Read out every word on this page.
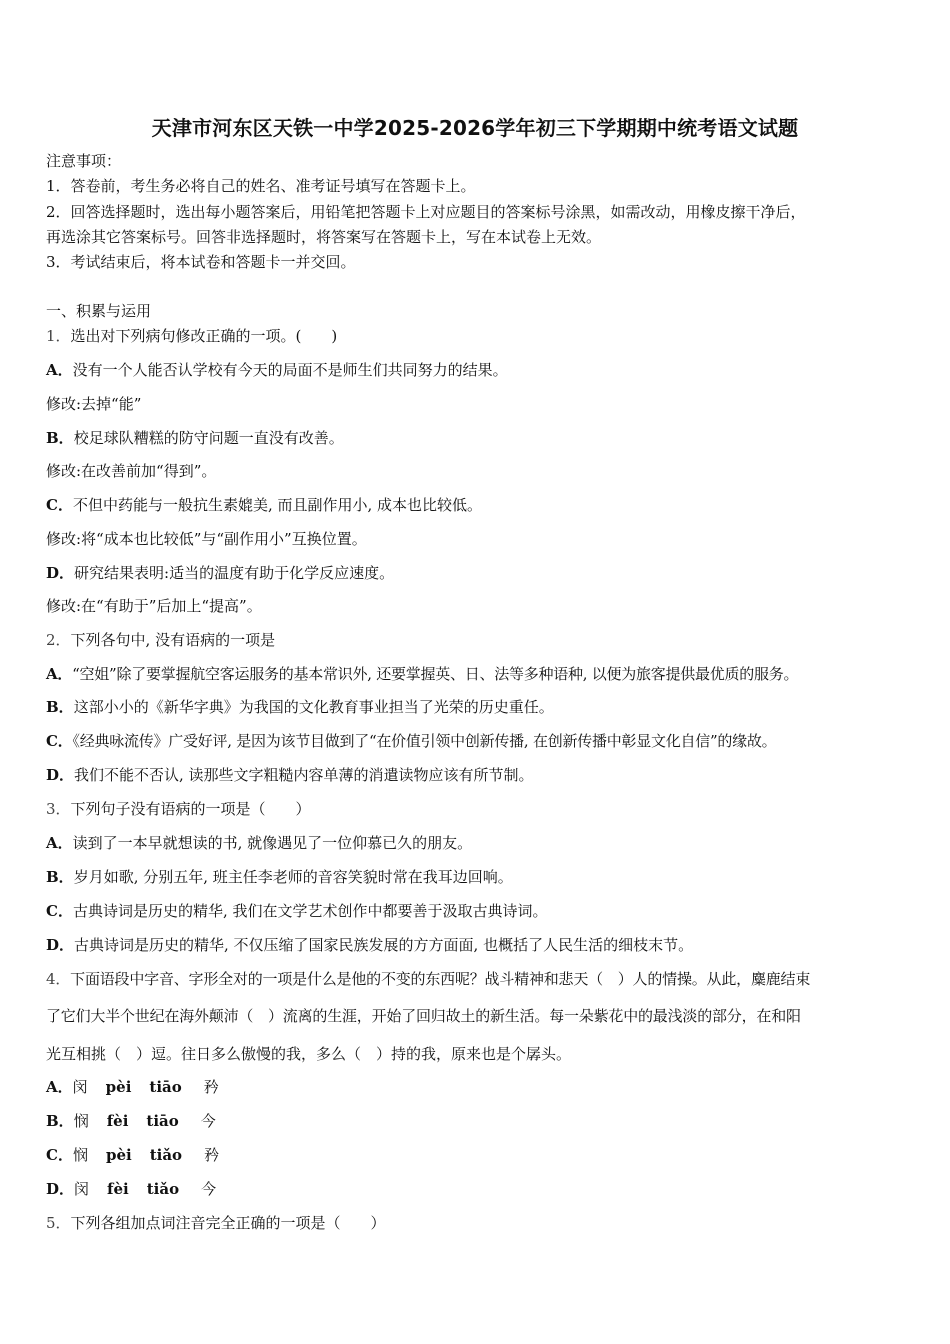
天津市河东区天铁一中学2025-2026学年初三下学期期中统考语文试题
注意事项：
1．答卷前，考生务必将自己的姓名、准考证号填写在答题卡上。
2．回答选择题时，选出每小题答案后，用铅笔把答题卡上对应题目的答案标号涂黑，如需改动，用橡皮擦干净后，
再选涂其它答案标号。回答非选择题时，将答案写在答题卡上，写在本试卷上无效。
3．考试结束后，将本试卷和答题卡一并交回。
一、积累与运用
1．选出对下列病句修改正确的一项。(　　)
A．没有一个人能否认学校有今天的局面不是师生们共同努力的结果。
修改:去掉“能”
B．校足球队糟糕的防守问题一直没有改善。
修改:在改善前加“得到”。
C．不但中药能与一般抗生素媲美, 而且副作用小, 成本也比较低。
修改:将“成本也比较低”与“副作用小”互换位置。
D．研究结果表明:适当的温度有助于化学反应速度。
修改:在“有助于”后加上“提高”。
2．下列各句中, 没有语病的一项是
A．“空姐”除了要掌握航空客运服务的基本常识外, 还要掌握英、日、法等多种语种, 以便为旅客提供最优质的服务。
B．这部小小的《新华字典》为我国的文化教育事业担当了光荣的历史重任。
C．《经典咏流传》广受好评, 是因为该节目做到了“在价值引领中创新传播, 在创新传播中彰显文化自信”的缘故。
D．我们不能不否认, 读那些文字粗糙内容单薄的消遣读物应该有所节制。
3．下列句子没有语病的一项是（　　）
A．读到了一本早就想读的书, 就像遇见了一位仰慕已久的朋友。
B．岁月如歌, 分别五年, 班主任李老师的音容笑貌时常在我耳边回响。
C．古典诗词是历史的精华, 我们在文学艺术创作中都要善于汲取古典诗词。
D．古典诗词是历史的精华, 不仅压缩了国家民族发展的方方面面, 也概括了人民生活的细枝末节。
4．下面语段中字音、字形全对的一项是什么是他的不变的东西呢？战斗精神和悲天（　）人的情操。从此，麋鹿结束
了它们大半个世纪在海外颠沛（　）流离的生涯，开始了回归故土的新生活。每一朵紫花中的最浅淡的部分，在和阳
光互相挑（　）逗。往日多么傲慢的我，多么（　）持的我，原来也是个孱头。
A．闵 pèi tiāo 矜
B．悯 fèi tiāo 今
C．悯 pèi tiǎo 矜
D．闵 fèi tiǎo 今
5．下列各组加点词注音完全正确的一项是（　　）
